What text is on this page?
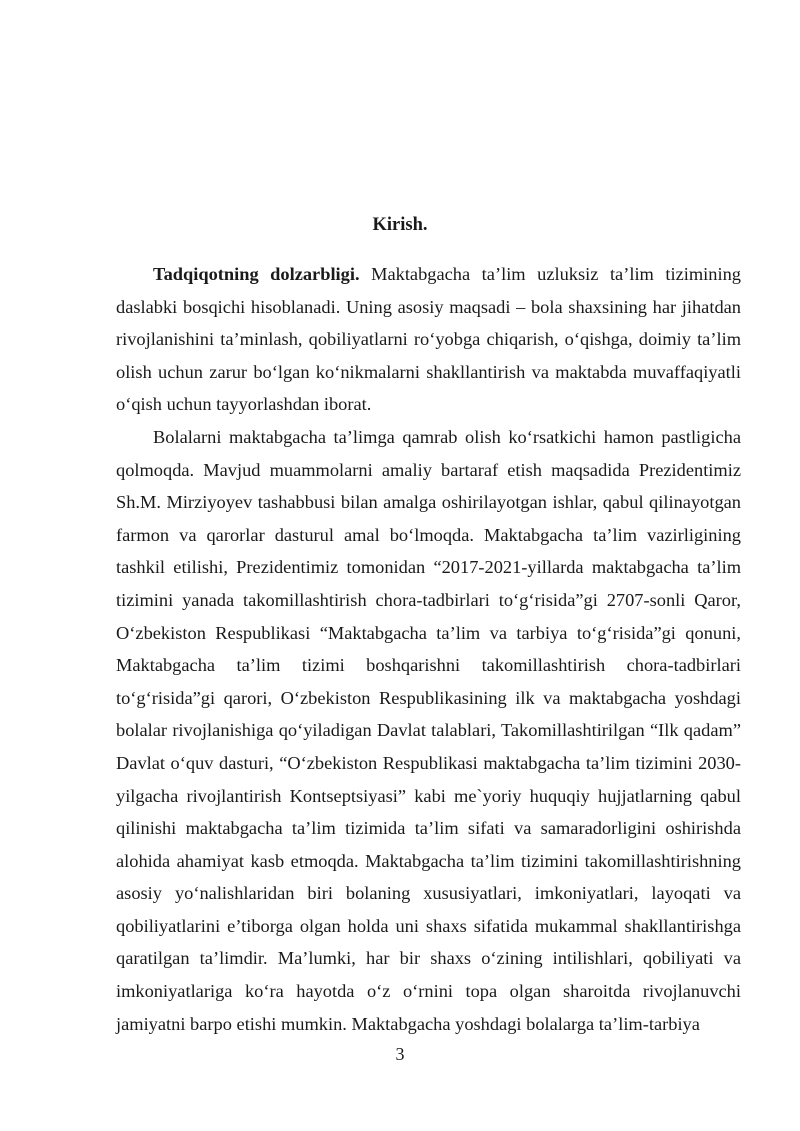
Kirish.

Tadqiqotning dolzarbligi. Maktabgacha ta’lim uzluksiz ta’lim tizimining daslabki bosqichi hisoblanadi. Uning asosiy maqsadi – bola shaxsining har jihatdan rivojlanishini ta’minlash, qobiliyatlarni ro‘yobga chiqarish, o‘qishga, doimiy ta’lim olish uchun zarur bo‘lgan ko‘nikmalarni shakllantirish va maktabda muvaffaqiyatli o‘qish uchun tayyorlashdan iborat.

Bolalarni maktabgacha ta’limga qamrab olish ko‘rsatkichi hamon pastligicha qolmoqda. Mavjud muammolarni amaliy bartaraf etish maqsadida Prezidentimiz Sh.M. Mirziyoyev tashabbusi bilan amalga oshirilayotgan ishlar, qabul qilinayotgan farmon va qarorlar dasturul amal bo‘lmoqda. Maktabgacha ta’lim vazirligining tashkil etilishi, Prezidentimiz tomonidan “2017-2021-yillarda maktabgacha ta’lim tizimini yanada takomillashtirish chora-tadbirlari to‘g‘risida”gi 2707-sonli Qaror, O‘zbekiston Respublikasi “Maktabgacha ta’lim va tarbiya to‘g‘risida”gi qonuni, Maktabgacha ta’lim tizimi boshqarishni takomillashtirish chora-tadbirlari to‘g‘risida”gi qarori, O‘zbekiston Respublikasining ilk va maktabgacha yoshdagi bolalar rivojlanishiga qo‘yiladigan Davlat talablari, Takomillashtirilgan “Ilk qadam” Davlat o‘quv dasturi, “O‘zbekiston Respublikasi maktabgacha ta’lim tizimini 2030-yilgacha rivojlantirish Kontseptsiyasi” kabi me`yoriy huquqiy hujjatlarning qabul qilinishi maktabgacha ta’lim tizimida ta’lim sifati va samaradorligini oshirishda alohida ahamiyat kasb etmoqda. Maktabgacha ta’lim tizimini takomillashtirishning asosiy yo‘nalishlaridan biri bolaning xususiyatlari, imkoniyatlari, layoqati va qobiliyatlarini e’tiborga olgan holda uni shaxs sifatida mukammal shakllantirishga qaratilgan ta’limdir. Ma’lumki, har bir shaxs o‘zining intilishlari, qobiliyati va imkoniyatlariga ko‘ra hayotda o‘z o‘rnini topa olgan sharoitda rivojlanuvchi jamiyatni barpo etishi mumkin. Maktabgacha yoshdagi bolalarga ta’lim-tarbiya

3
